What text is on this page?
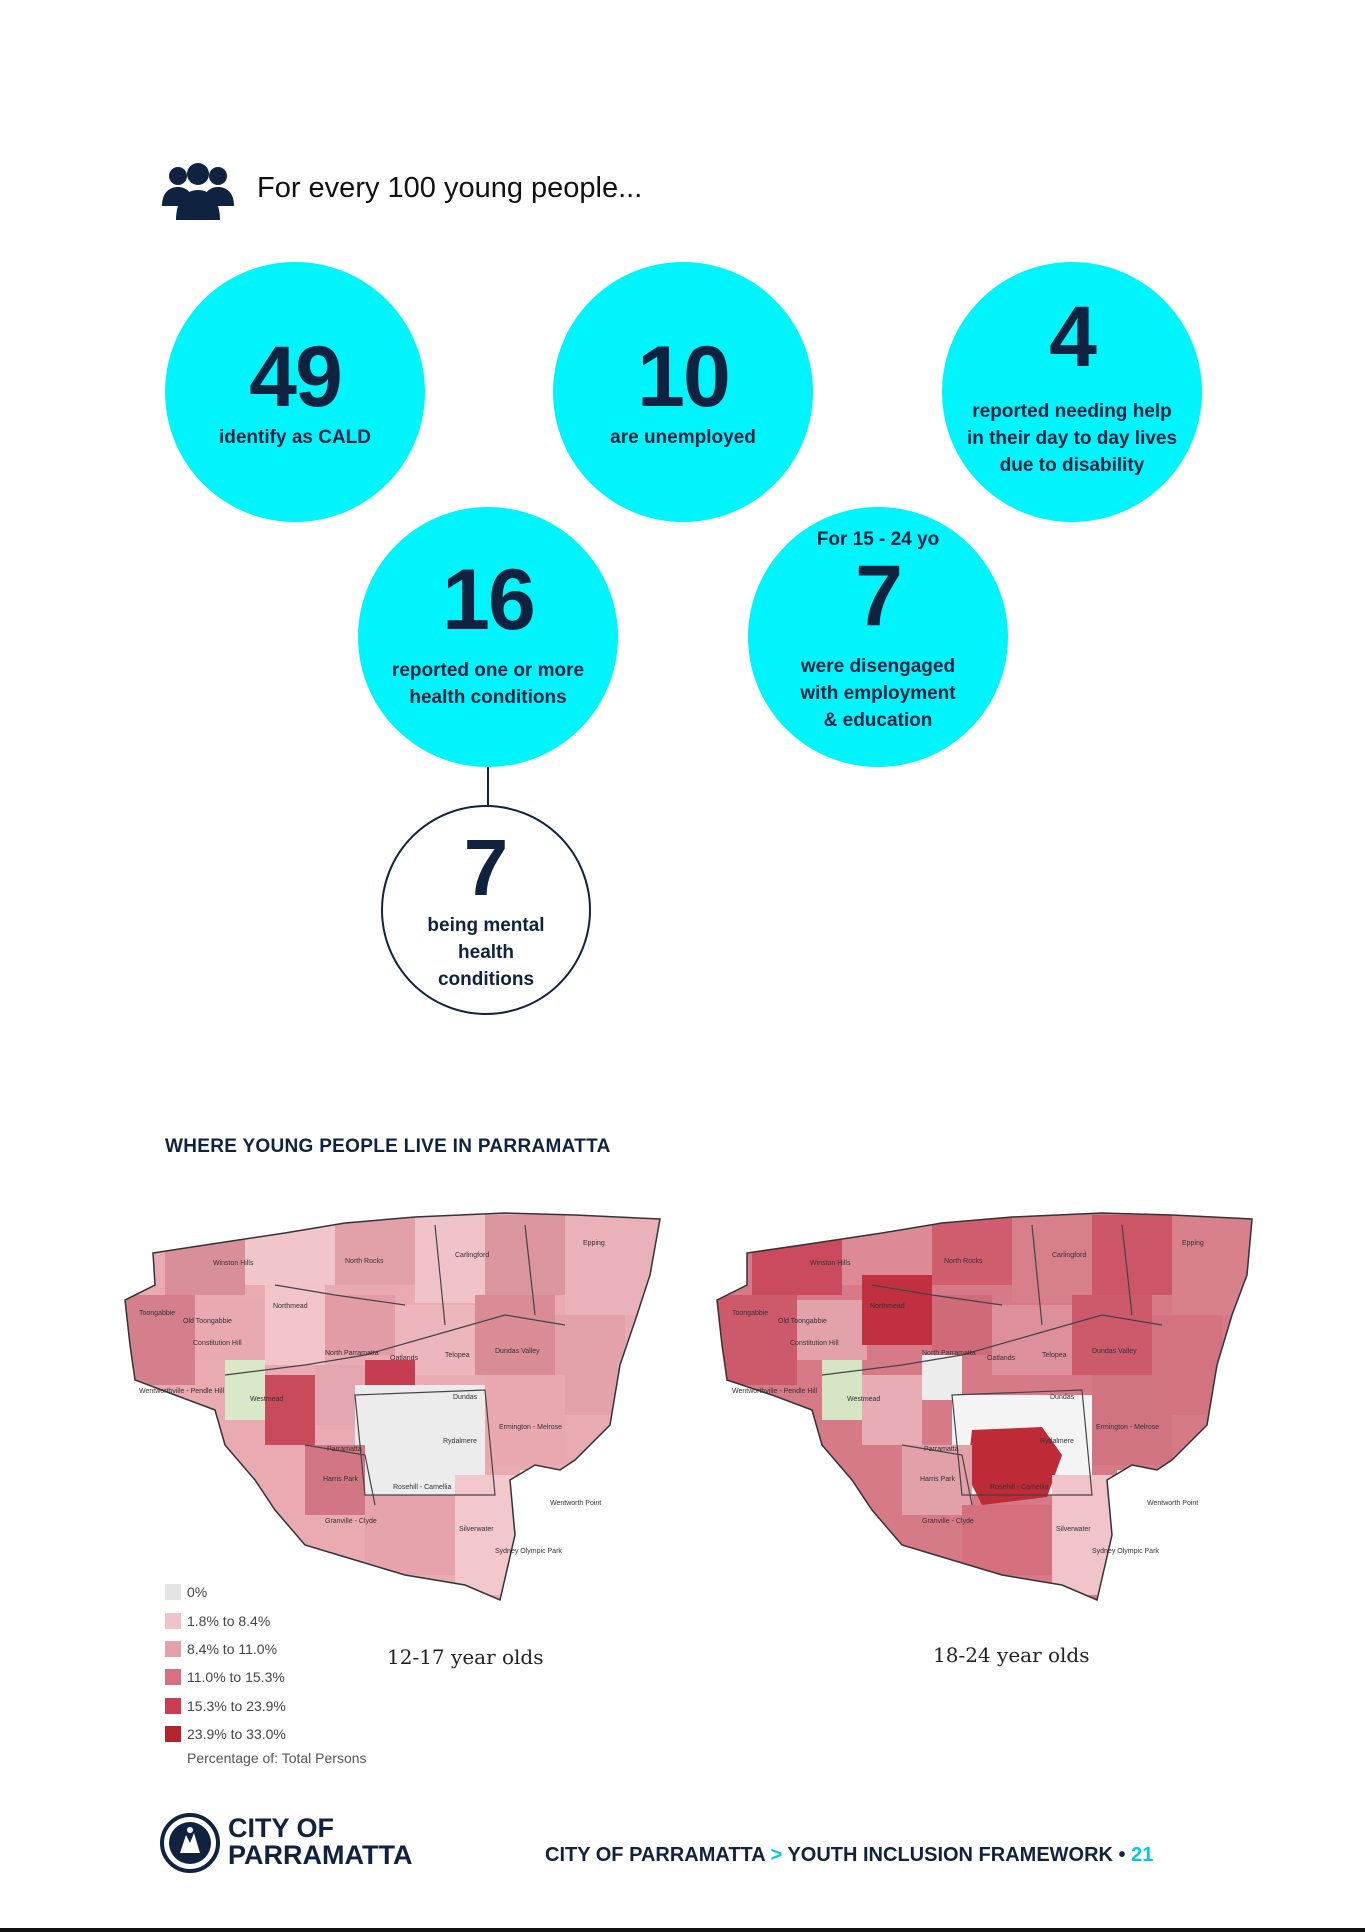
For every 100 young people...
49
identify as CALD
10
are unemployed
4
reported needing help
in their day to day lives
due to disability
16
reported one or more
health conditions
For 15 - 24 yo
7
were disengaged
with employment
& education
7
being mental
health
conditions
WHERE YOUNG PEOPLE LIVE IN PARRAMATTA
Winston Hills	North Rocks
Carlingford
Epping
Toongabbie
Old Toongabbie
Constitution Hill
Northmead
Wentworthville - Pendle Hill
Westmead
North Parramatta
Oatlands	Telopea
Dundas Valley
Dundas
Ermington - Melrose
Parramatta
Rydalmere
Harris Park
Rosehill - Camellia
Silverwater
Granville - Clyde
Sydney Olympic Park
Wentworth Point
Winston Hills	North Rocks
Carlingford
Epping
Toongabbie
Old Toongabbie
Constitution Hill
Northmead
Wentworthville - Pendle Hill
Westmead
North Parramatta
Oatlands	Telopea
Dundas Valley
Dundas
Ermington - Melrose
Parramatta
Rydalmere
Harris Park
Rosehill - Camellia
Silverwater
Granville - Clyde
Sydney Olympic Park
Wentworth Point
12-17 year olds	18-24 year olds
0%
1.8% to 8.4%
8.4% to 11.0%
11.0% to 15.3%
15.3% to 23.9%
23.9% to 33.0%
Percentage of: Total Persons
CITY OF
PARRAMATTA	CITY OF PARRAMATTA > YOUTH INCLUSION FRAMEWORK • 21
